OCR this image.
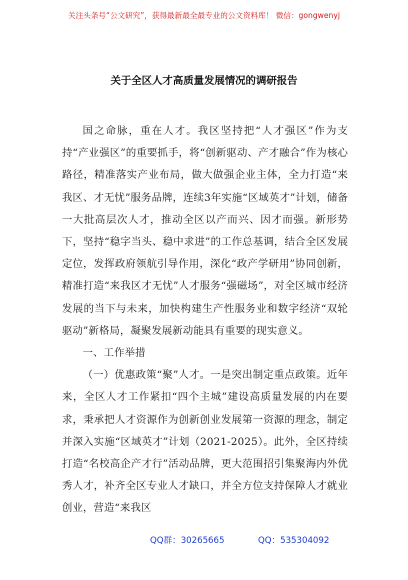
关注头条号“公文研究”，获得最新最全最专业的公文资料库！ 微信：gongwenyj
关于全区人才高质量发展情况的调研报告

国之命脉，重在人才。我区坚持把“人才强区”作为支持“产业强区”的重要抓手，将“创新驱动、产才融合”作为核心路径，精准落实产业布局，做大做强企业主体，全力打造“来我区、才无忧”服务品牌，连续3年实施“区域英才”计划，储备一大批高层次人才，推动全区以产而兴、因才而强。新形势下，坚持“稳字当头、稳中求进”的工作总基调，结合全区发展定位，发挥政府领航引导作用，深化“政产学研用”协同创新，精准打造“来我区才无忧”人才服务“强磁场”，对全区城市经济发展的当下与未来，加快构建生产性服务业和数字经济“双轮驱动”新格局，凝聚发展新动能具有重要的现实意义。

一、工作举措

（一）优惠政策“聚”人才。一是突出制定重点政策。近年来，全区人才工作紧扣“四个主城”建设高质量发展的内在要求，秉承把人才资源作为创新创业发展第一资源的理念，制定并深入实施“区域英才”计划（2021-2025）。此外，全区持续打造“名校高企产才行”活动品牌，更大范围招引集聚海内外优秀人才，补齐全区专业人才缺口，并全方位支持保障人才就业创业，营造“来我区

QQ群：30265665	QQ：535304092
